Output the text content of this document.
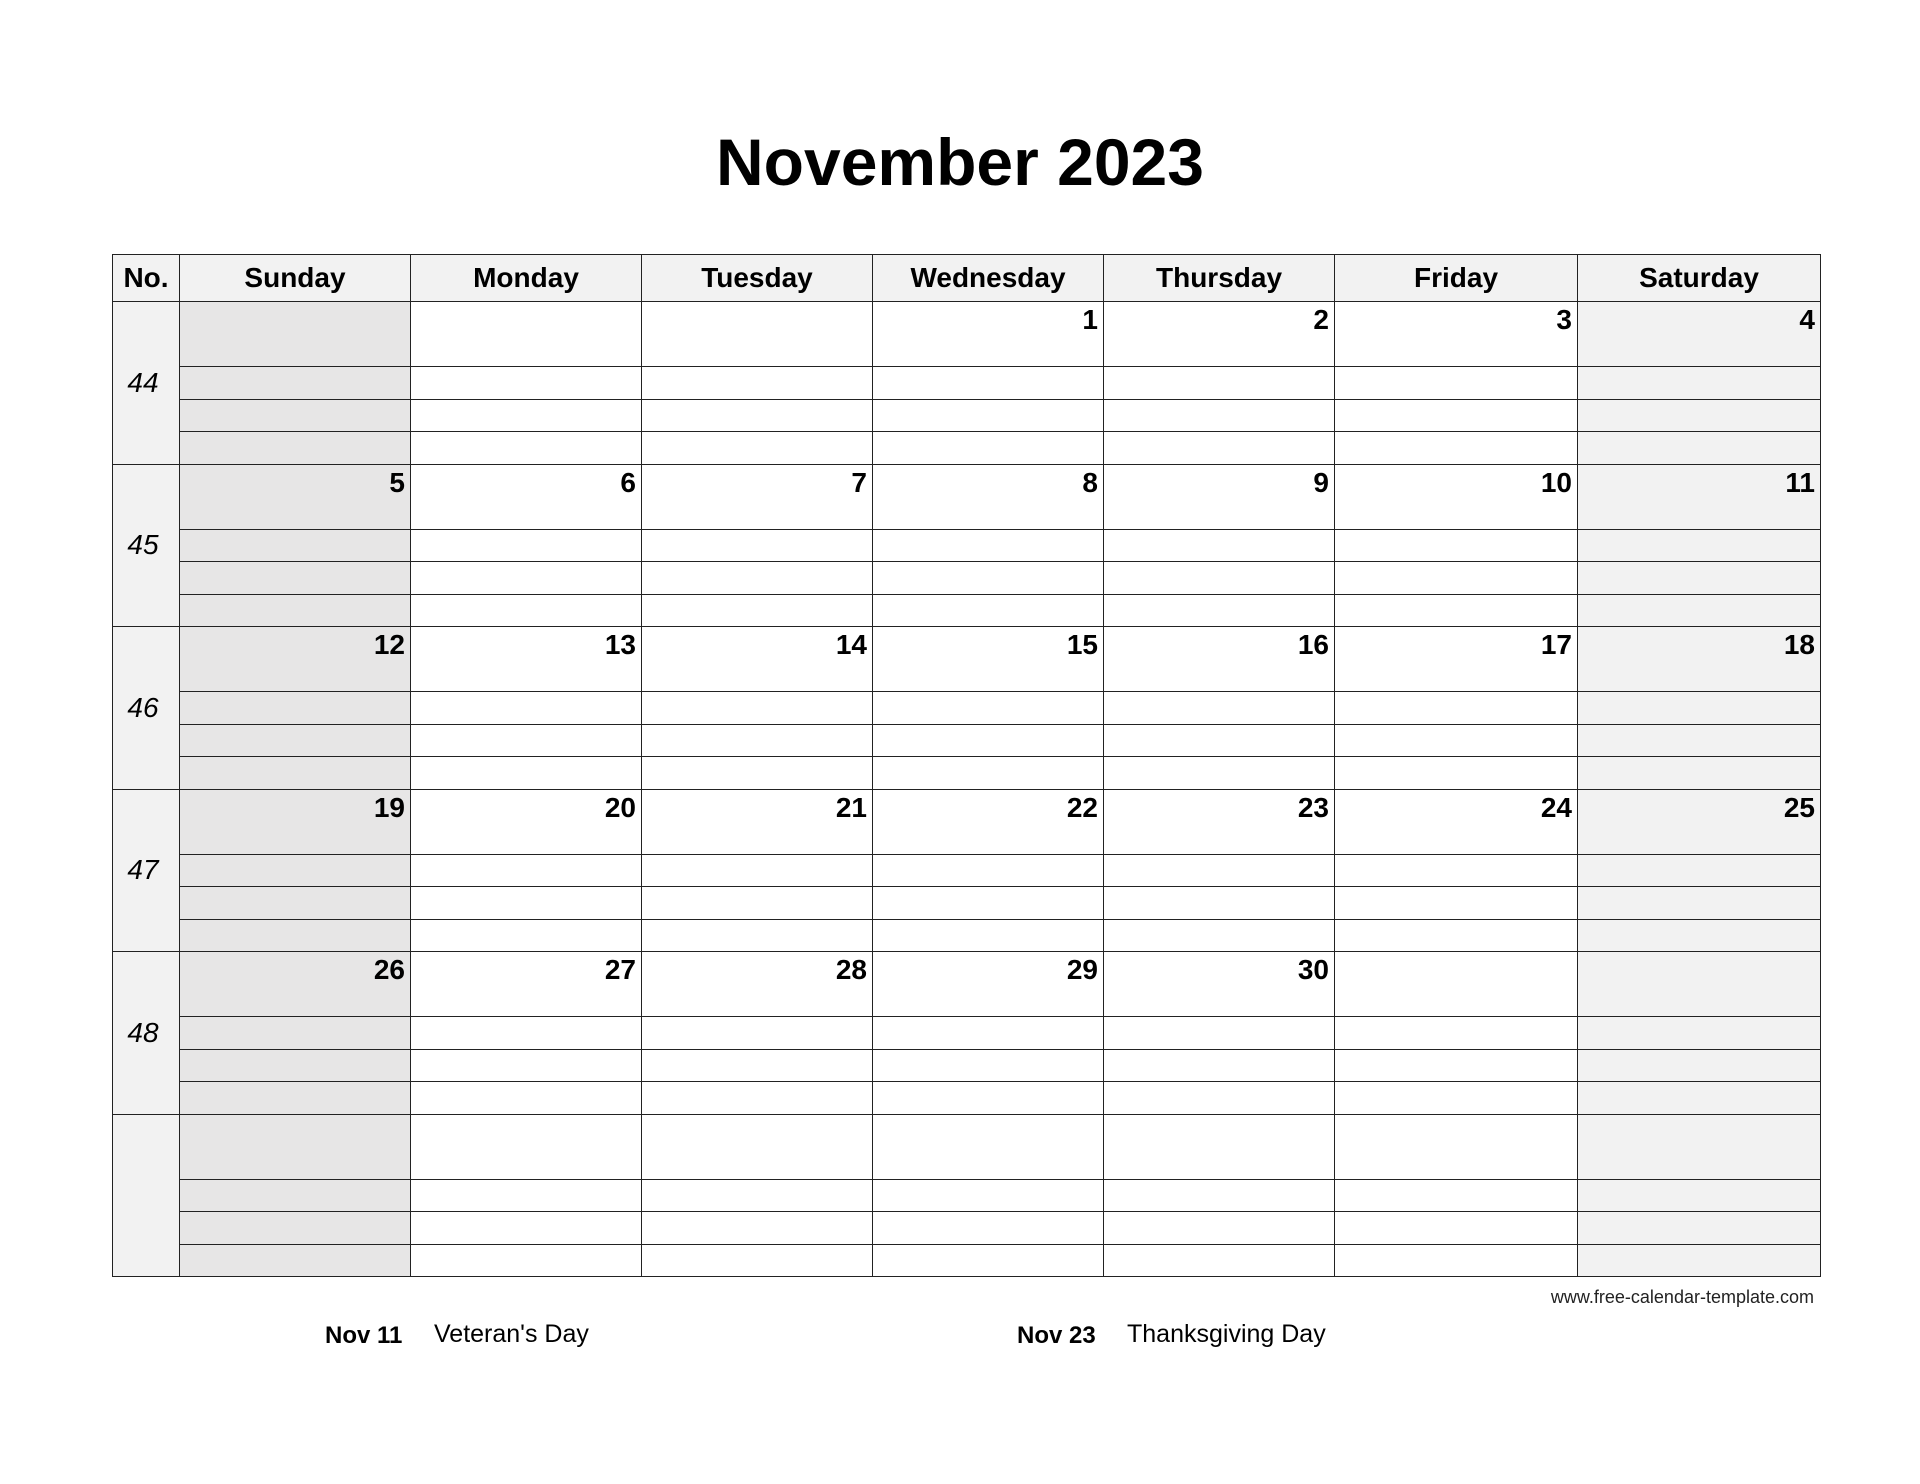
November 2023
No.	Sunday	Monday	Tuesday	Wednesday	Thursday	Friday	Saturday
44				1	2	3	4

45	5	6	7	8	9	10	11

46	12	13	14	15	16	17	18

47	19	20	21	22	23	24	25

48	26	27	28	29	30		

www.free-calendar-template.com
Nov 11 Veteran's Day	Nov 23 Thanksgiving Day
